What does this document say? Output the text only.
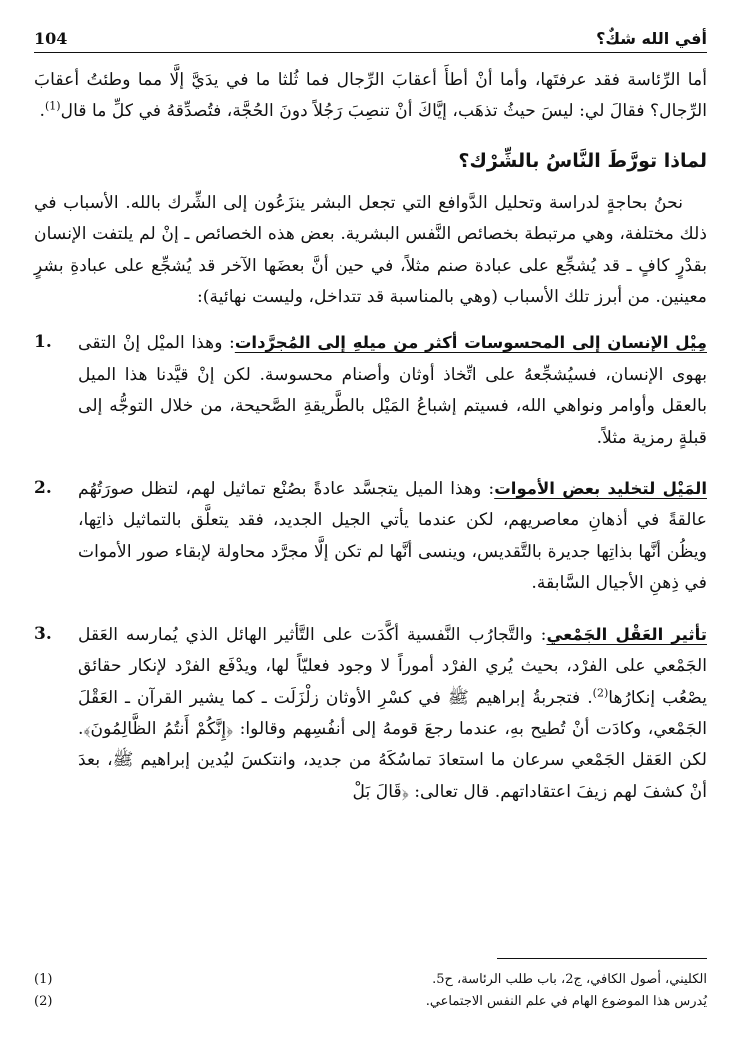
أفي الله شكٌ؟
104

أما الرِّئاسة فقد عرفتَها، وأما أنْ أطأَ أعقابَ الرِّجال فما ثُلثا ما في يدَيَّ إلَّا مما وطئتُ أعقابَ الرِّجال؟ فقالَ لي: ليسَ حيثُ تذهَب، إيَّاكَ أنْ تنصِبَ رَجُلاً دونَ الحُجَّة، فتُصدِّقهُ في كلِّ ما قال$^{(1)}$.

لماذا تورَّطَ النَّاسُ بالشِّرْك؟

نحنُ بحاجةٍ لدراسة وتحليل الدَّوافع التي تجعل البشر ينزَعُون إلى الشِّرك بالله. الأسباب في ذلك مختلفة، وهي مرتبطة بخصائص النَّفس البشرية. بعض هذه الخصائص ـ إنْ لم يلتفت الإنسان بقدْرٍ كافٍ ـ قد يُشجِّع على عبادة صنم مثلاً، في حين أنَّ بعضَها الآخر قد يُشجِّع على عبادةِ بشرٍ معينين. من أبرز تلك الأسباب (وهي بالمناسبة قد تتداخل، وليست نهائية):

مِيْل الإنسان إلى المحسوسات أكثر من ميلهِ إلى المُجرَّدات: وهذا الميْل إنْ التقى بهوى الإنسان، فسيُشجِّعهُ على اتِّخاذ أوثان وأصنام محسوسة. لكن إنْ قيَّدنا هذا الميل بالعقل وأوامر ونواهي الله، فسيتم إشباعُ المَيْل بالطَّريقةِ الصَّحيحة، من خلال التوجُّه إلى قبلةٍ رمزية مثلاً.
1.
المَيْل لتخليد بعض الأموات: وهذا الميل يتجسَّد عادةً بصُنْع تماثيل لهم، لتظل صورَتُهُم عالقةً في أذهانِ معاصريهم، لكن عندما يأتي الجيل الجديد، فقد يتعلَّق بالتماثيل ذاتِها، ويظُن أنَّها بذاتِها جديرة بالتَّقديس، وينسى أنَّها لم تكن إلَّا مجرَّد محاولة لإبقاء صور الأموات في ذِهنِ الأجيال السَّابقة.
2.
تأثير العَقْل الجَمْعي: والتَّجارُب النَّفسية أكَّدَت على التَّأثير الهائل الذي يُمارسه العَقل الجَمْعي على الفرْد، بحيث يُري الفرْد أموراً لا وجود فعليّاً لها، ويدْفَع الفرْد لإنكار حقائق يصْعُب إنكارُها$^{(2)}$. فتجربةُ إبراهيم ﷺ في كسْرِ الأوثان زلْزَلَت ـ كما يشير القرآن ـ العَقْلَ الجَمْعي، وكادَت أنْ تُطيح بهِ، عندما رجعَ قومهُ إلى أنفُسِهم وقالوا: ﴿إِنَّكُمْ أَنتُمُ الظَّالِمُونَ﴾. لكن العَقل الجَمْعي سرعان ما استعادَ تماسُكَهُ من جديد، وانتكسَ ليُدين إبراهيم ﷺ، بعدَ أنْ كشفَ لهم زيفَ اعتقاداتهم. قال تعالى: ﴿قَالَ بَلْ
3.
الكليني، أصول الكافي، ج2، باب طلب الرئاسة، ح5.
(1)
يُدرس هذا الموضوع الهام في علم النفس الاجتماعي.
(2)
